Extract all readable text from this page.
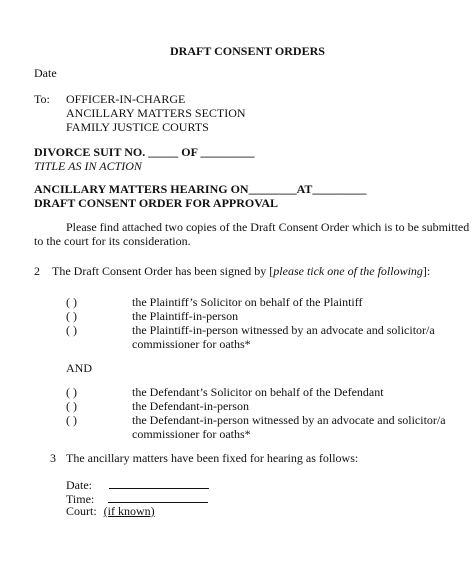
DRAFT CONSENT ORDERS
Date
To: OFFICER-IN-CHARGE
ANCILLARY MATTERS SECTION
FAMILY JUSTICE COURTS
DIVORCE SUIT NO. _____ OF _________
TITLE AS IN ACTION
ANCILLARY MATTERS HEARING ON________AT_________
DRAFT CONSENT ORDER FOR APPROVAL
Please find attached two copies of the Draft Consent Order which is to be submitted
to the court for its consideration.
2 The Draft Consent Order has been signed by [please tick one of the following]:
( )	the Plaintiff’s Solicitor on behalf of the Plaintiff
( )	the Plaintiff-in-person
( )	the Plaintiff-in-person witnessed by an advocate and solicitor/a
commissioner for oaths*
AND
( )	the Defendant’s Solicitor on behalf of the Defendant
( )	the Defendant-in-person
( )	the Defendant-in-person witnessed by an advocate and solicitor/a
commissioner for oaths*
3 The ancillary matters have been fixed for hearing as follows:
Date:
Time:
Court: (if known)
